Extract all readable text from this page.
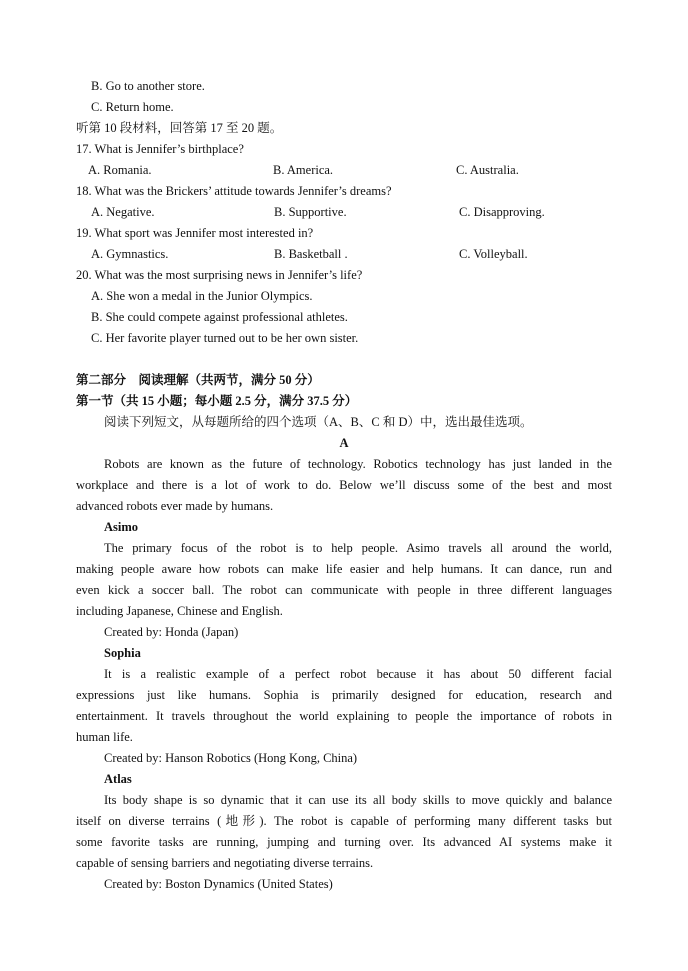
B. Go to another store.
C. Return home.
听第 10 段材料，回答第 17 至 20 题。
17. What is Jennifer’s birthplace?
A. Romania.	B. America.	C. Australia.
18. What was the Brickers’ attitude towards Jennifer’s dreams?
A. Negative.	B. Supportive.	C. Disapproving.
19. What sport was Jennifer most interested in?
A. Gymnastics.	B. Basketball .	C. Volleyball.
20. What was the most surprising news in Jennifer’s life?
A. She won a medal in the Junior Olympics.
B. She could compete against professional athletes.
C. Her favorite player turned out to be her own sister.
第二部分　阅读理解（共两节，满分 50 分）
第一节（共 15 小题；每小题 2.5 分，满分 37.5 分）
阅读下列短文，从每题所给的四个选项（A、B、C 和 D）中，选出最佳选项。
A
Robots are known as the future of technology. Robotics technology has just landed in the
workplace and there is a lot of work to do. Below we’ll discuss some of the best and most
advanced robots ever made by humans.
Asimo
The primary focus of the robot is to help people. Asimo travels all around the world,
making people aware how robots can make life easier and help humans. It can dance, run and
even kick a soccer ball. The robot can communicate with people in three different languages
including Japanese, Chinese and English.
Created by: Honda (Japan)
Sophia
It is a realistic example of a perfect robot because it has about 50 different facial
expressions just like humans. Sophia is primarily designed for education, research and
entertainment. It travels throughout the world explaining to people the importance of robots in
human life.
Created by: Hanson Robotics (Hong Kong, China)
Atlas
Its body shape is so dynamic that it can use its all body skills to move quickly and balance
itself on diverse terrains (地形). The robot is capable of performing many different tasks but
some favorite tasks are running, jumping and turning over. Its advanced AI systems make it
capable of sensing barriers and negotiating diverse terrains.
Created by: Boston Dynamics (United States)
